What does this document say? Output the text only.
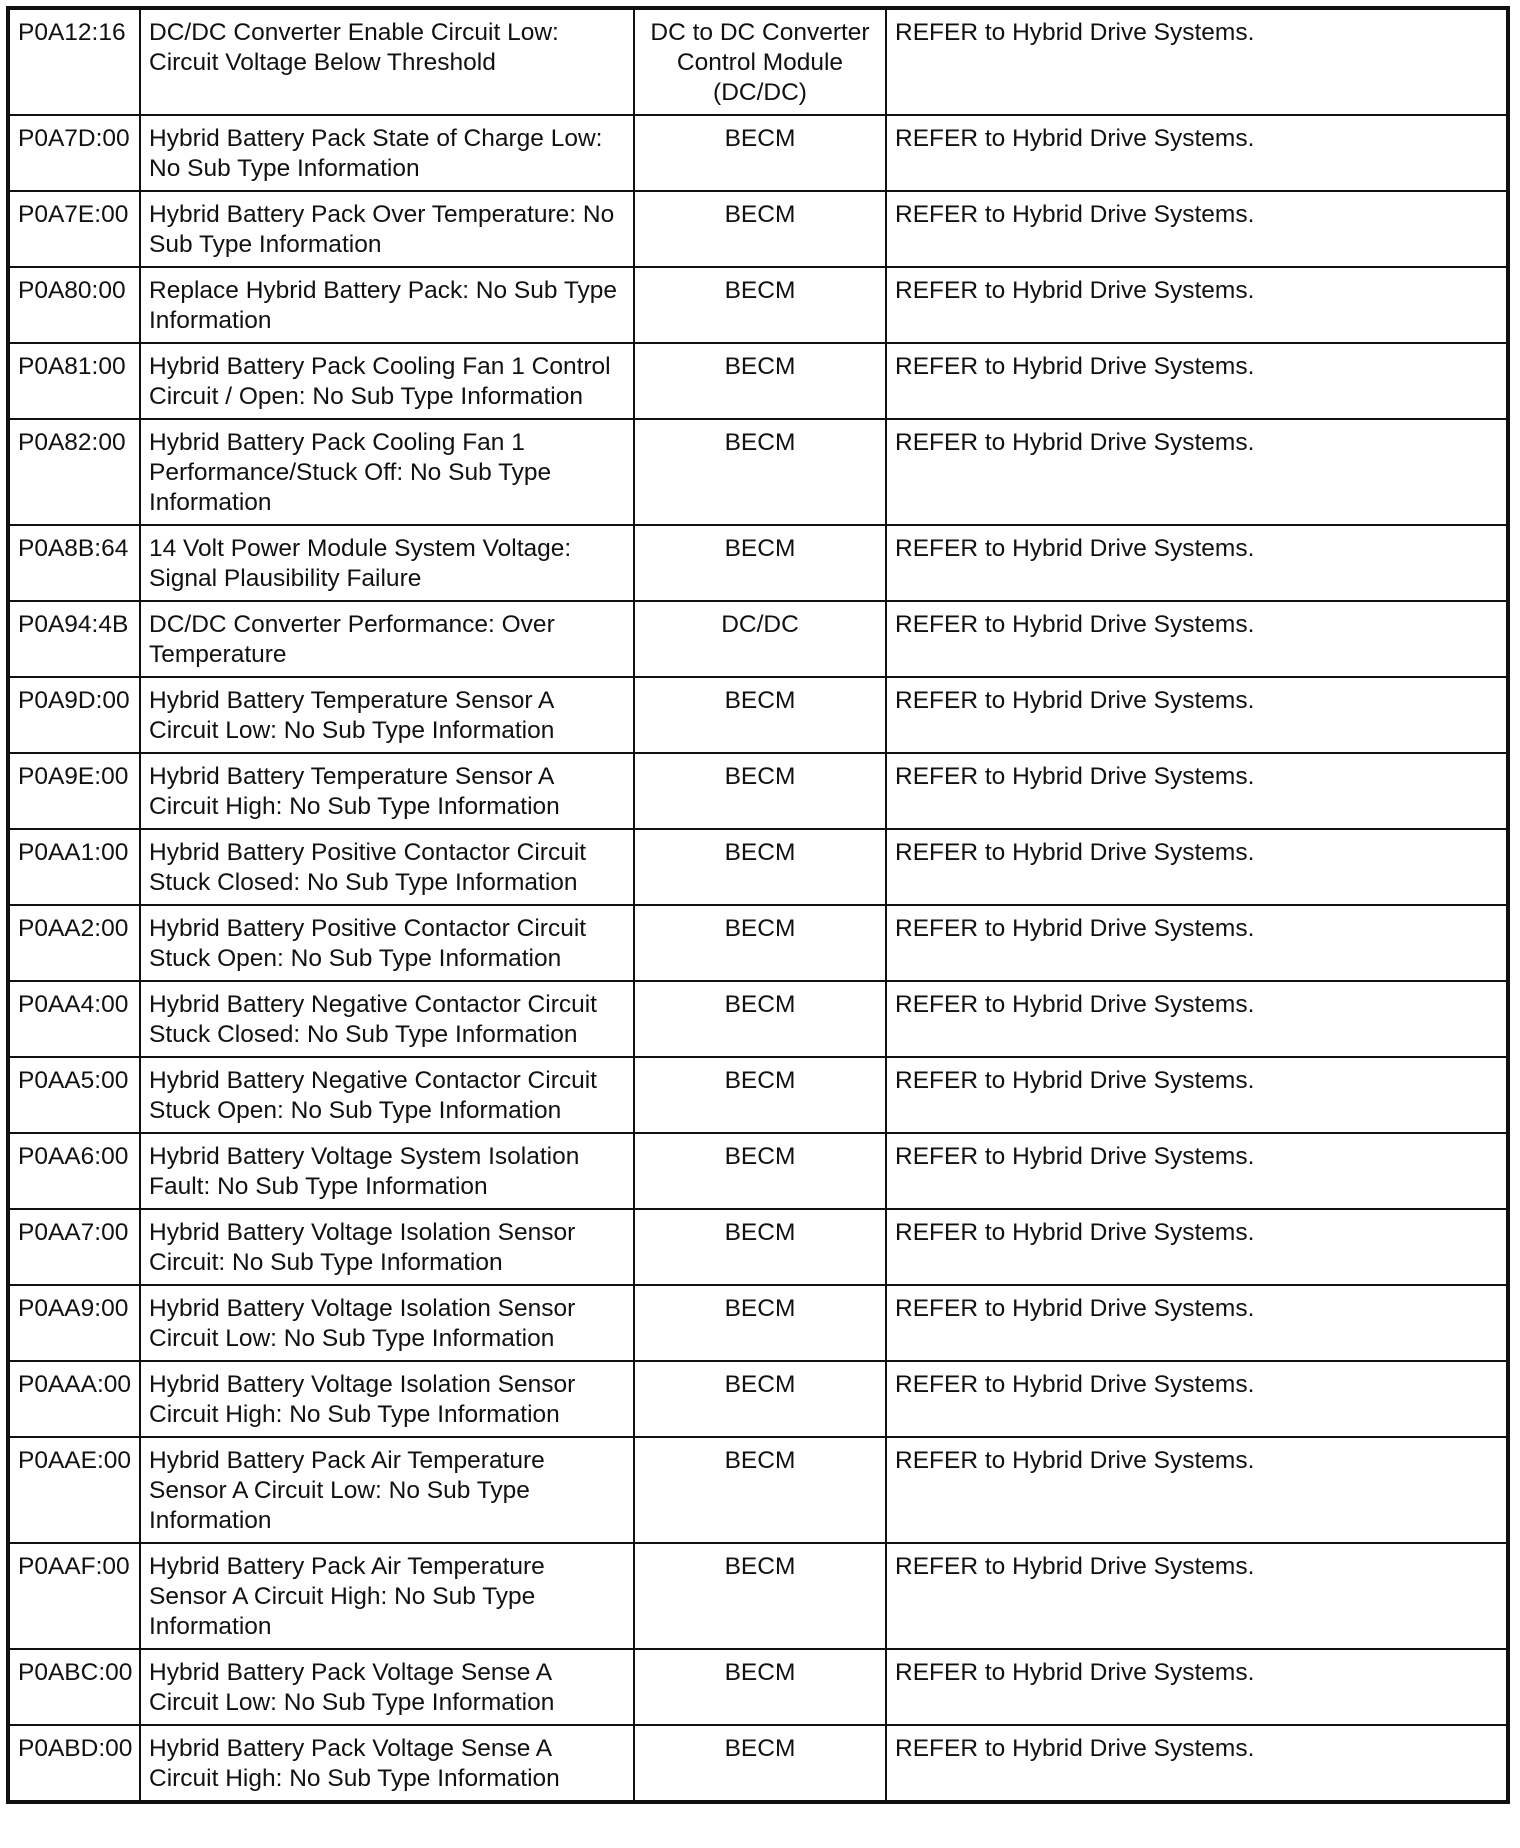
P0A12:16	DC/DC Converter Enable Circuit Low: Circuit Voltage Below Threshold	DC to DC Converter Control Module (DC/DC)	REFER to Hybrid Drive Systems.
P0A7D:00	Hybrid Battery Pack State of Charge Low: No Sub Type Information	BECM	REFER to Hybrid Drive Systems.
P0A7E:00	Hybrid Battery Pack Over Temperature: No Sub Type Information	BECM	REFER to Hybrid Drive Systems.
P0A80:00	Replace Hybrid Battery Pack: No Sub Type Information	BECM	REFER to Hybrid Drive Systems.
P0A81:00	Hybrid Battery Pack Cooling Fan 1 Control Circuit / Open: No Sub Type Information	BECM	REFER to Hybrid Drive Systems.
P0A82:00	Hybrid Battery Pack Cooling Fan 1 Performance/Stuck Off: No Sub Type Information	BECM	REFER to Hybrid Drive Systems.
P0A8B:64	14 Volt Power Module System Voltage: Signal Plausibility Failure	BECM	REFER to Hybrid Drive Systems.
P0A94:4B	DC/DC Converter Performance: Over Temperature	DC/DC	REFER to Hybrid Drive Systems.
P0A9D:00	Hybrid Battery Temperature Sensor A Circuit Low: No Sub Type Information	BECM	REFER to Hybrid Drive Systems.
P0A9E:00	Hybrid Battery Temperature Sensor A Circuit High: No Sub Type Information	BECM	REFER to Hybrid Drive Systems.
P0AA1:00	Hybrid Battery Positive Contactor Circuit Stuck Closed: No Sub Type Information	BECM	REFER to Hybrid Drive Systems.
P0AA2:00	Hybrid Battery Positive Contactor Circuit Stuck Open: No Sub Type Information	BECM	REFER to Hybrid Drive Systems.
P0AA4:00	Hybrid Battery Negative Contactor Circuit Stuck Closed: No Sub Type Information	BECM	REFER to Hybrid Drive Systems.
P0AA5:00	Hybrid Battery Negative Contactor Circuit Stuck Open: No Sub Type Information	BECM	REFER to Hybrid Drive Systems.
P0AA6:00	Hybrid Battery Voltage System Isolation Fault: No Sub Type Information	BECM	REFER to Hybrid Drive Systems.
P0AA7:00	Hybrid Battery Voltage Isolation Sensor Circuit: No Sub Type Information	BECM	REFER to Hybrid Drive Systems.
P0AA9:00	Hybrid Battery Voltage Isolation Sensor Circuit Low: No Sub Type Information	BECM	REFER to Hybrid Drive Systems.
P0AAA:00	Hybrid Battery Voltage Isolation Sensor Circuit High: No Sub Type Information	BECM	REFER to Hybrid Drive Systems.
P0AAE:00	Hybrid Battery Pack Air Temperature Sensor A Circuit Low: No Sub Type Information	BECM	REFER to Hybrid Drive Systems.
P0AAF:00	Hybrid Battery Pack Air Temperature Sensor A Circuit High: No Sub Type Information	BECM	REFER to Hybrid Drive Systems.
P0ABC:00	Hybrid Battery Pack Voltage Sense A Circuit Low: No Sub Type Information	BECM	REFER to Hybrid Drive Systems.
P0ABD:00	Hybrid Battery Pack Voltage Sense A Circuit High: No Sub Type Information	BECM	REFER to Hybrid Drive Systems.
